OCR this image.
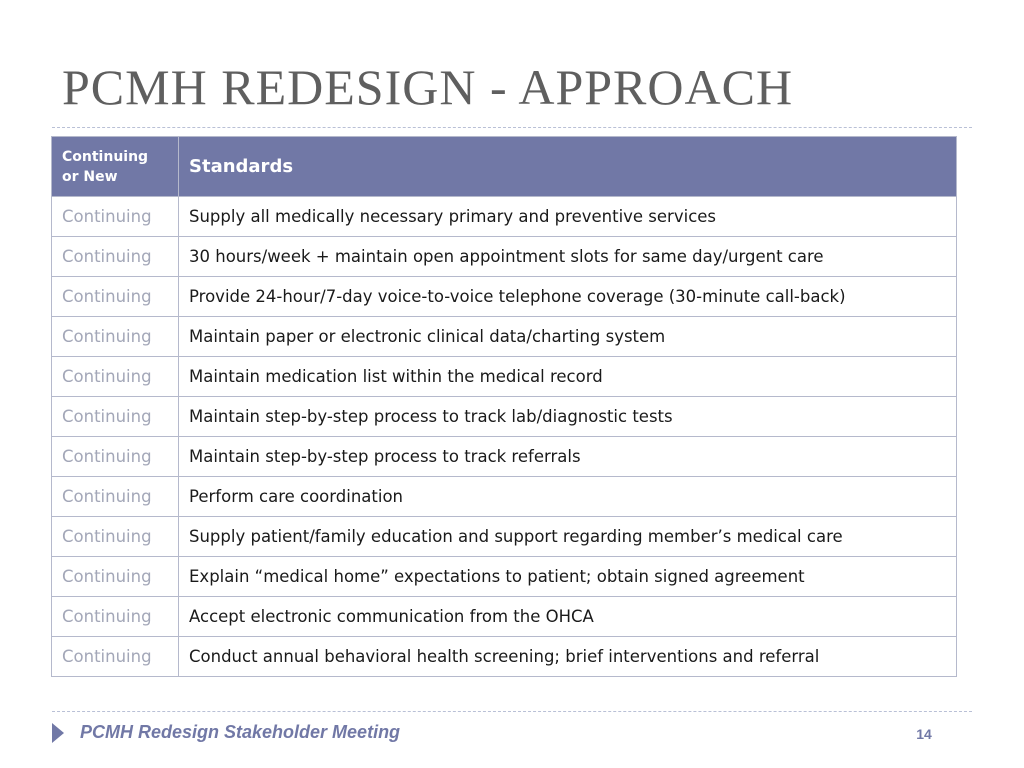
PCMH REDESIGN - APPROACH
Continuing
or New	Standards
Continuing	Supply all medically necessary primary and preventive services
Continuing	30 hours/week + maintain open appointment slots for same day/urgent care
Continuing	Provide 24-hour/7-day voice-to-voice telephone coverage (30-minute call-back)
Continuing	Maintain paper or electronic clinical data/charting system
Continuing	Maintain medication list within the medical record
Continuing	Maintain step-by-step process to track lab/diagnostic tests
Continuing	Maintain step-by-step process to track referrals
Continuing	Perform care coordination
Continuing	Supply patient/family education and support regarding member’s medical care
Continuing	Explain “medical home” expectations to patient; obtain signed agreement
Continuing	Accept electronic communication from the OHCA
Continuing	Conduct annual behavioral health screening; brief interventions and referral
PCMH Redesign Stakeholder Meeting	14
